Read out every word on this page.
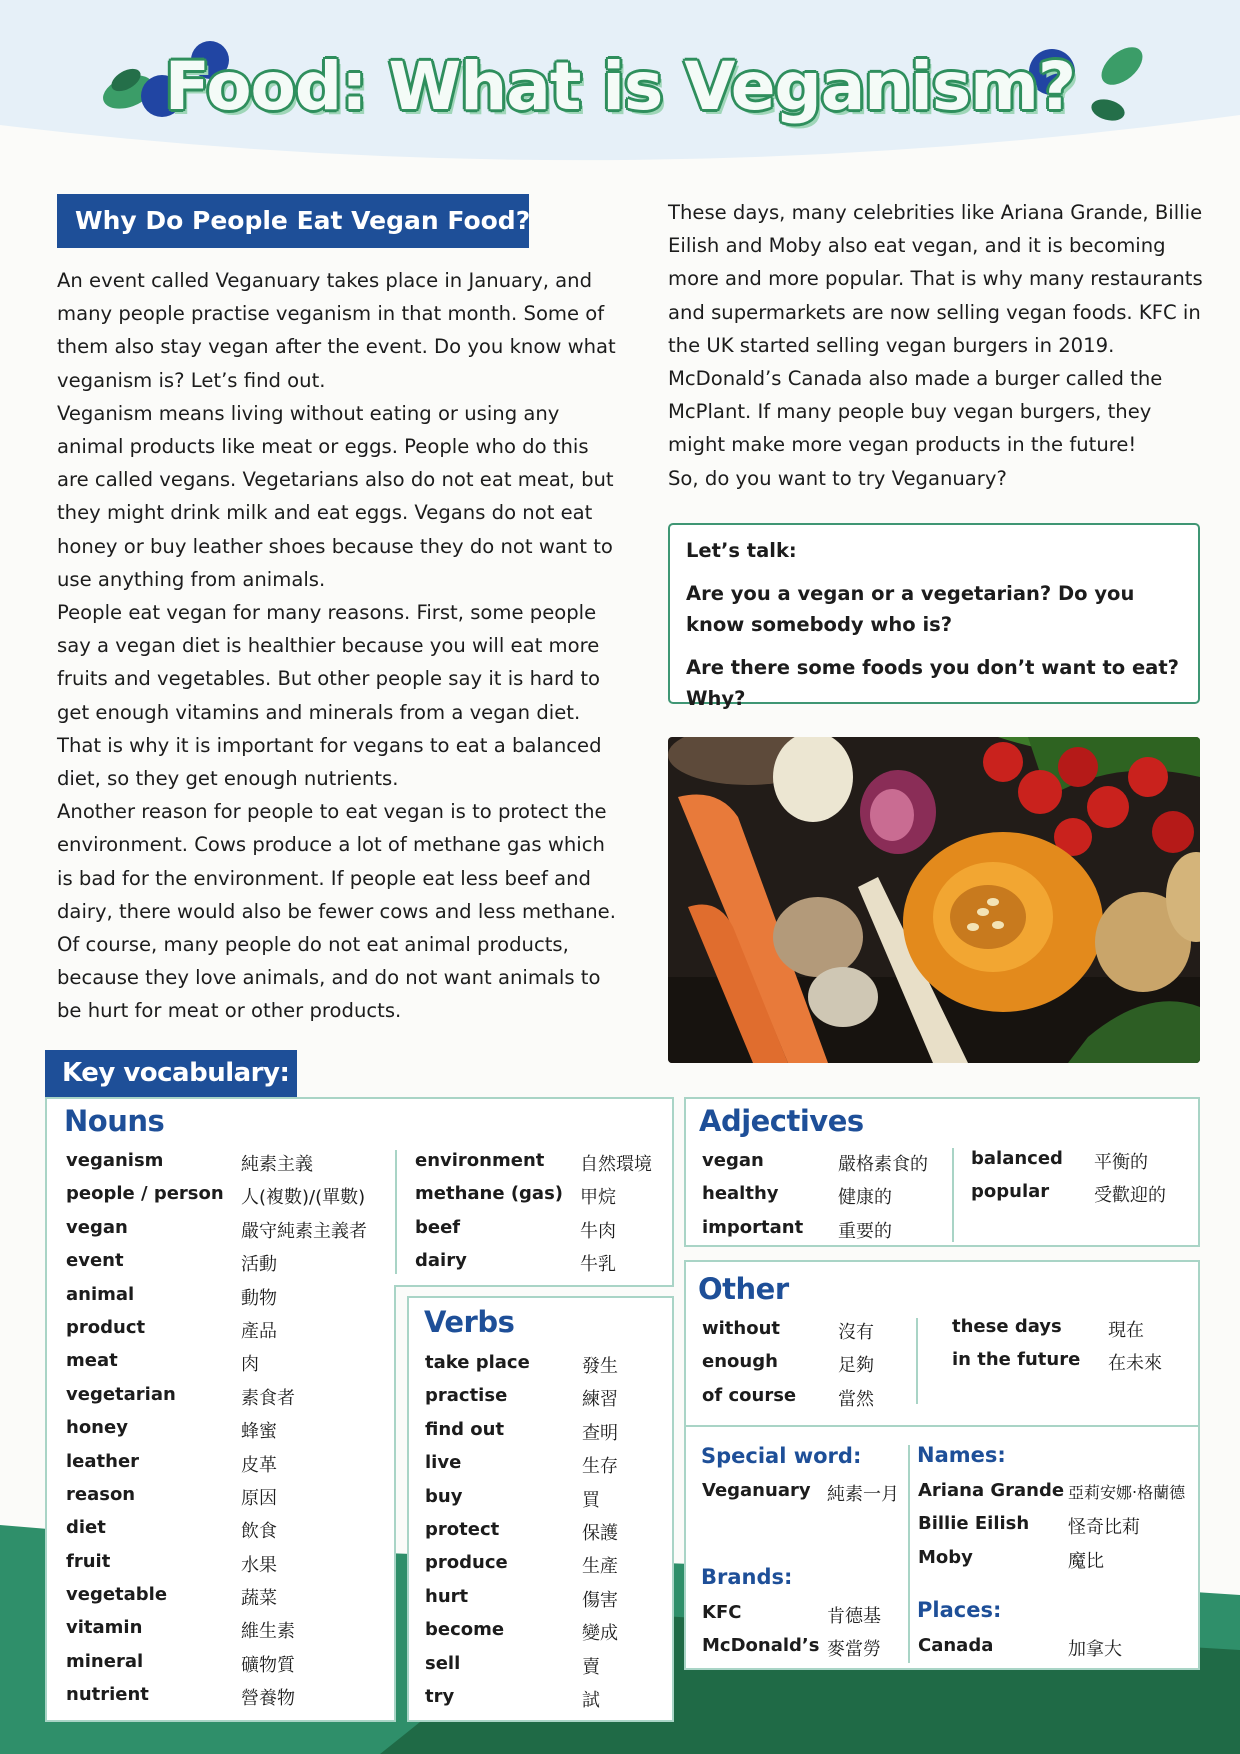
Food: What is Veganism?
Why Do People Eat Vegan Food?

An event called Veganuary takes place in January, and many people practise veganism in that month. Some of them also stay vegan after the event. Do you know what veganism is? Let’s find out.

Veganism means living without eating or using any animal products like meat or eggs. People who do this are called vegans. Vegetarians also do not eat meat, but they might drink milk and eat eggs. Vegans do not eat honey or buy leather shoes because they do not want to use anything from animals.

People eat vegan for many reasons. First, some people say a vegan diet is healthier because you will eat more fruits and vegetables. But other people say it is hard to get enough vitamins and minerals from a vegan diet. That is why it is important for vegans to eat a balanced diet, so they get enough nutrients.

Another reason for people to eat vegan is to protect the environment. Cows produce a lot of methane gas which is bad for the environment. If people eat less beef and dairy, there would also be fewer cows and less methane.

Of course, many people do not eat animal products, because they love animals, and do not want animals to be hurt for meat or other products.

These days, many celebrities like Ariana Grande, Billie Eilish and Moby also eat vegan, and it is becoming more and more popular. That is why many restaurants and supermarkets are now selling vegan foods. KFC in the UK started selling vegan burgers in 2019. McDonald’s Canada also made a burger called the McPlant. If many people buy vegan burgers, they might make more vegan products in the future!

So, do you want to try Veganuary?

Let’s talk:
Are you a vegan or a vegetarian? Do you know somebody who is?
Are there some foods you don’t want to eat? Why?
Key vocabulary:
Nouns
veganism	純素主義
people / person 人(複數)/(單數)
vegan	嚴守純素主義者
event	活動
animal	動物
product	產品
meat	肉
vegetarian	素食者
honey	蜂蜜
leather	皮革
reason	原因
diet	飲食
fruit	水果
vegetable	蔬菜
vitamin	維生素
mineral	礦物質
nutrient	營養物
environment 自然環境
methane (gas) 甲烷
beef	牛肉
dairy	牛乳
Verbs
take place	發生
practise	練習
find out	查明
live	生存
buy	買
protect	保護
produce	生產
hurt	傷害
become	變成
sell	賣
try	試
Adjectives
vegan	嚴格素食的
healthy	健康的
important 重要的
balanced 平衡的
popular 受歡迎的
Other
without	沒有
enough	足夠
of course 當然
these days	現在
in the future 在未來
Special word:
Veganuary 純素一月
Brands:
KFC	肯德基
McDonald’s 麥當勞
Names:
Ariana Grande 亞莉安娜‧格蘭德
Billie Eilish 怪奇比莉
Moby	魔比
Places:
Canada	加拿大
